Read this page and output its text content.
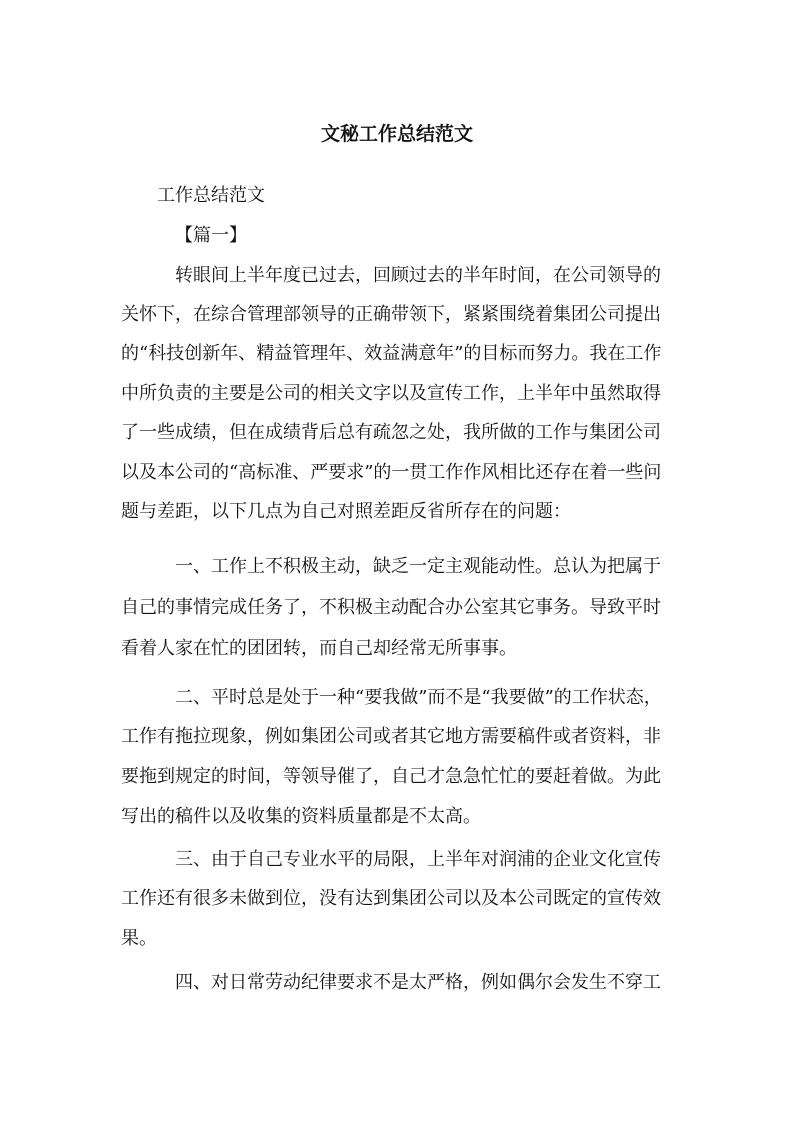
文秘工作总结范文
工作总结范文
【篇一】
转眼间上半年度已过去，回顾过去的半年时间，在公司领导的
关怀下，在综合管理部领导的正确带领下，紧紧围绕着集团公司提出
的“科技创新年、精益管理年、效益满意年”的目标而努力。我在工作
中所负责的主要是公司的相关文字以及宣传工作，上半年中虽然取得
了一些成绩，但在成绩背后总有疏忽之处，我所做的工作与集团公司
以及本公司的“高标准、严要求”的一贯工作作风相比还存在着一些问
题与差距，以下几点为自己对照差距反省所存在的问题：
一、工作上不积极主动，缺乏一定主观能动性。总认为把属于
自己的事情完成任务了，不积极主动配合办公室其它事务。导致平时
看着人家在忙的团团转，而自己却经常无所事事。
二、平时总是处于一种“要我做”而不是“我要做”的工作状态，
工作有拖拉现象，例如集团公司或者其它地方需要稿件或者资料，非
要拖到规定的时间，等领导催了，自己才急急忙忙的要赶着做。为此
写出的稿件以及收集的资料质量都是不太高。
三、由于自己专业水平的局限，上半年对润浦的企业文化宣传
工作还有很多未做到位，没有达到集团公司以及本公司既定的宣传效
果。
四、对日常劳动纪律要求不是太严格，例如偶尔会发生不穿工
